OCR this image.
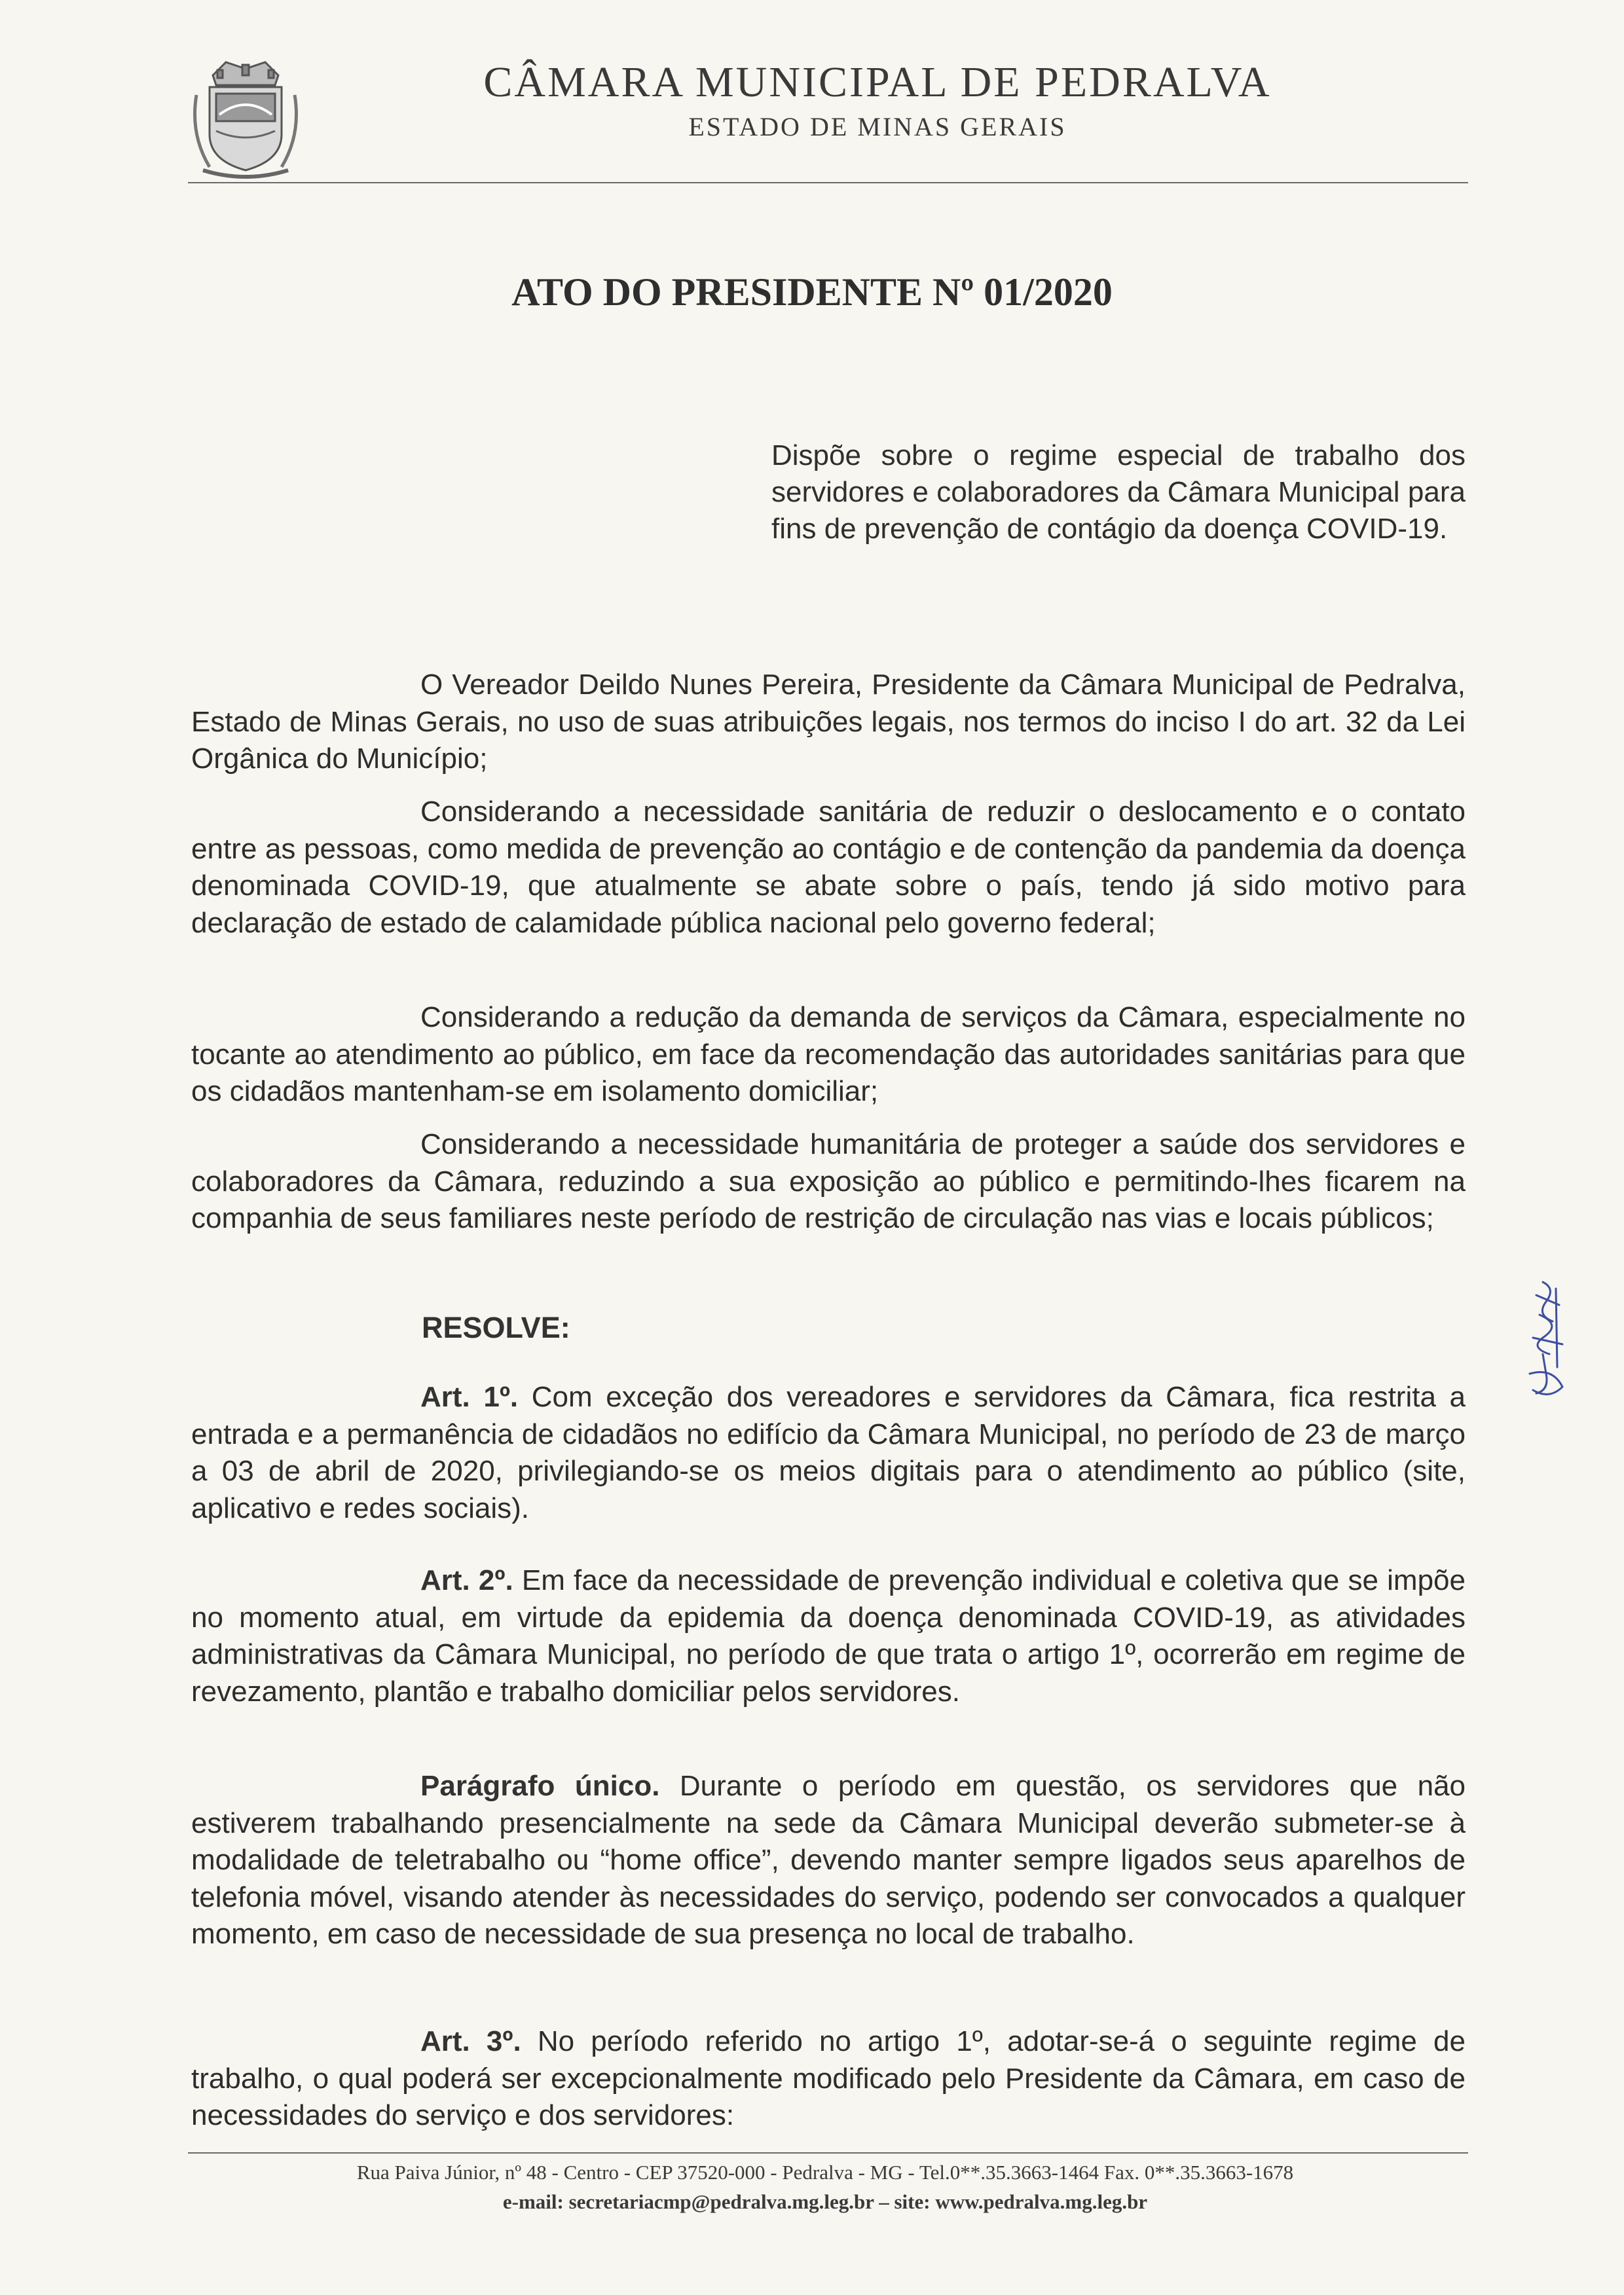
CÂMARA MUNICIPAL DE PEDRALVA
ESTADO DE MINAS GERAIS
ATO DO PRESIDENTE Nº 01/2020
Dispõe sobre o regime especial de trabalho dos servidores e colaboradores da Câmara Municipal para fins de prevenção de contágio da doença COVID-19.
O Vereador Deildo Nunes Pereira, Presidente da Câmara Municipal de Pedralva, Estado de Minas Gerais, no uso de suas atribuições legais, nos termos do inciso I do art. 32 da Lei Orgânica do Município;
Considerando a necessidade sanitária de reduzir o deslocamento e o contato entre as pessoas, como medida de prevenção ao contágio e de contenção da pandemia da doença denominada COVID-19, que atualmente se abate sobre o país, tendo já sido motivo para declaração de estado de calamidade pública nacional pelo governo federal;
Considerando a redução da demanda de serviços da Câmara, especialmente no tocante ao atendimento ao público, em face da recomendação das autoridades sanitárias para que os cidadãos mantenham-se em isolamento domiciliar;
Considerando a necessidade humanitária de proteger a saúde dos servidores e colaboradores da Câmara, reduzindo a sua exposição ao público e permitindo-lhes ficarem na companhia de seus familiares neste período de restrição de circulação nas vias e locais públicos;
RESOLVE:
Art. 1º. Com exceção dos vereadores e servidores da Câmara, fica restrita a entrada e a permanência de cidadãos no edifício da Câmara Municipal, no período de 23 de março a 03 de abril de 2020, privilegiando-se os meios digitais para o atendimento ao público (site, aplicativo e redes sociais).
Art. 2º. Em face da necessidade de prevenção individual e coletiva que se impõe no momento atual, em virtude da epidemia da doença denominada COVID-19, as atividades administrativas da Câmara Municipal, no período de que trata o artigo 1º, ocorrerão em regime de revezamento, plantão e trabalho domiciliar pelos servidores.
Parágrafo único. Durante o período em questão, os servidores que não estiverem trabalhando presencialmente na sede da Câmara Municipal deverão submeter-se à modalidade de teletrabalho ou “home office”, devendo manter sempre ligados seus aparelhos de telefonia móvel, visando atender às necessidades do serviço, podendo ser convocados a qualquer momento, em caso de necessidade de sua presença no local de trabalho.
Art. 3º. No período referido no artigo 1º, adotar-se-á o seguinte regime de trabalho, o qual poderá ser excepcionalmente modificado pelo Presidente da Câmara, em caso de necessidades do serviço e dos servidores:
Rua Paiva Júnior, nº 48 - Centro - CEP 37520-000 - Pedralva - MG - Tel.0**.35.3663-1464 Fax. 0**.35.3663-1678
e-mail: secretariacmp@pedralva.mg.leg.br – site: www.pedralva.mg.leg.br
